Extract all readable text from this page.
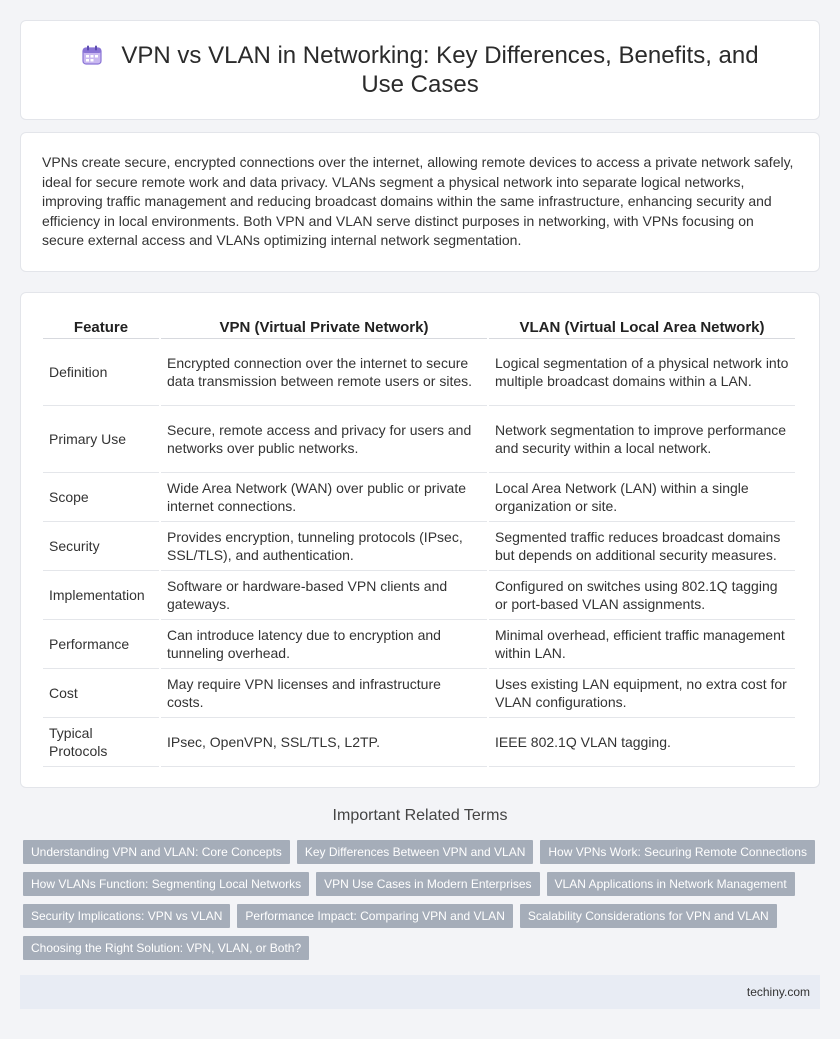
VPN vs VLAN in Networking: Key Differences, Benefits, and Use Cases

VPNs create secure, encrypted connections over the internet, allowing remote devices to access a private network safely, ideal for secure remote work and data privacy. VLANs segment a physical network into separate logical networks, improving traffic management and reducing broadcast domains within the same infrastructure, enhancing security and efficiency in local environments. Both VPN and VLAN serve distinct purposes in networking, with VPNs focusing on secure external access and VLANs optimizing internal network segmentation.

Feature	VPN (Virtual Private Network)	VLAN (Virtual Local Area Network)
Definition	Encrypted connection over the internet to secure data transmission between remote users or sites.	Logical segmentation of a physical network into multiple broadcast domains within a LAN.
Primary Use	Secure, remote access and privacy for users and networks over public networks.	Network segmentation to improve performance and security within a local network.
Scope	Wide Area Network (WAN) over public or private internet connections.	Local Area Network (LAN) within a single organization or site.
Security	Provides encryption, tunneling protocols (IPsec, SSL/TLS), and authentication.	Segmented traffic reduces broadcast domains but depends on additional security measures.
Implementation	Software or hardware-based VPN clients and gateways.	Configured on switches using 802.1Q tagging or port-based VLAN assignments.
Performance	Can introduce latency due to encryption and tunneling overhead.	Minimal overhead, efficient traffic management within LAN.
Cost	May require VPN licenses and infrastructure costs.	Uses existing LAN equipment, no extra cost for VLAN configurations.
Typical Protocols	IPsec, OpenVPN, SSL/TLS, L2TP.	IEEE 802.1Q VLAN tagging.
Important Related Terms
Understanding VPN and VLAN: Core Concepts	Key Differences Between VPN and VLAN	How VPNs Work: Securing Remote Connections
How VLANs Function: Segmenting Local Networks	VPN Use Cases in Modern Enterprises	VLAN Applications in Network Management
Security Implications: VPN vs VLAN	Performance Impact: Comparing VPN and VLAN	Scalability Considerations for VPN and VLAN
Choosing the Right Solution: VPN, VLAN, or Both?
techiny.com
